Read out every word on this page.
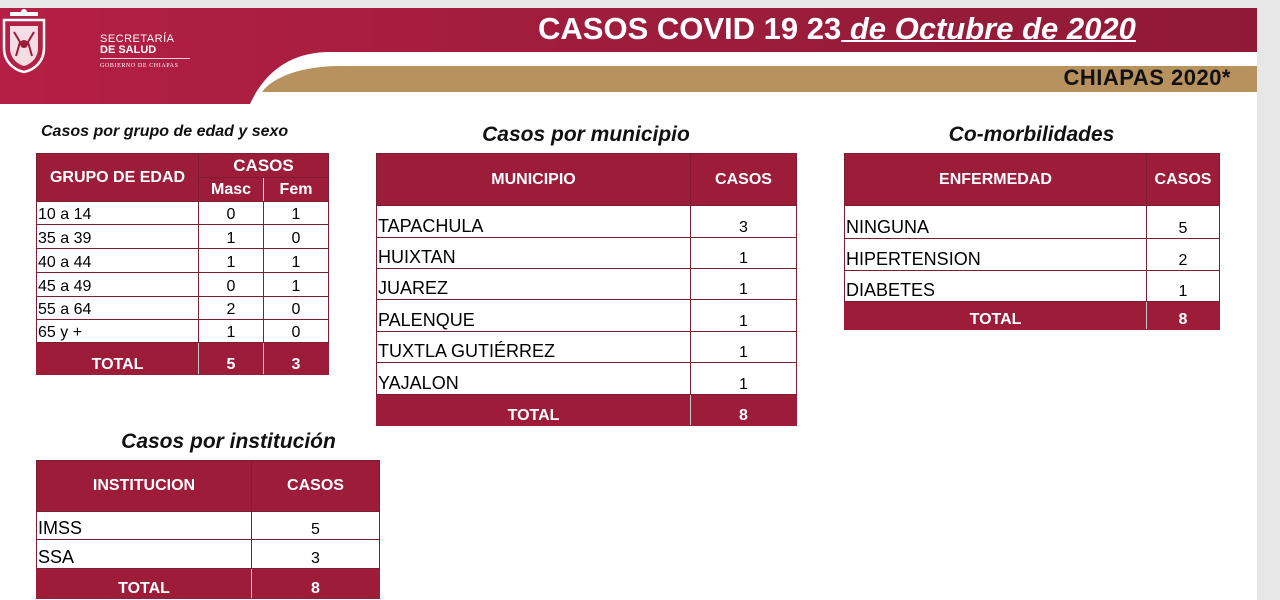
SECRETARÍA
DE SALUD
GOBIERNO DE CHIAPAS
CASOS COVID 19 23 de Octubre de 2020
CHIAPAS 2020*
Casos por grupo de edad y sexo
GRUPO DE EDAD	CASOS	
	Masc	Fem
10 a 14	0	1
35 a 39	1	0
40 a 44	1	1
45 a 49	0	1
55 a 64	2	0
65 y +	1	0
TOTAL	5	3
Casos por municipio
MUNICIPIO	CASOS
TAPACHULA	3
HUIXTAN	1
JUAREZ	1
PALENQUE	1
TUXTLA GUTIÉRREZ	1
YAJALON	1
TOTAL	8
Co-morbilidades
ENFERMEDAD	CASOS
NINGUNA	5
HIPERTENSION	2
DIABETES	1
TOTAL	8
Casos por institución
INSTITUCION	CASOS
IMSS	5
SSA	3
TOTAL	8
